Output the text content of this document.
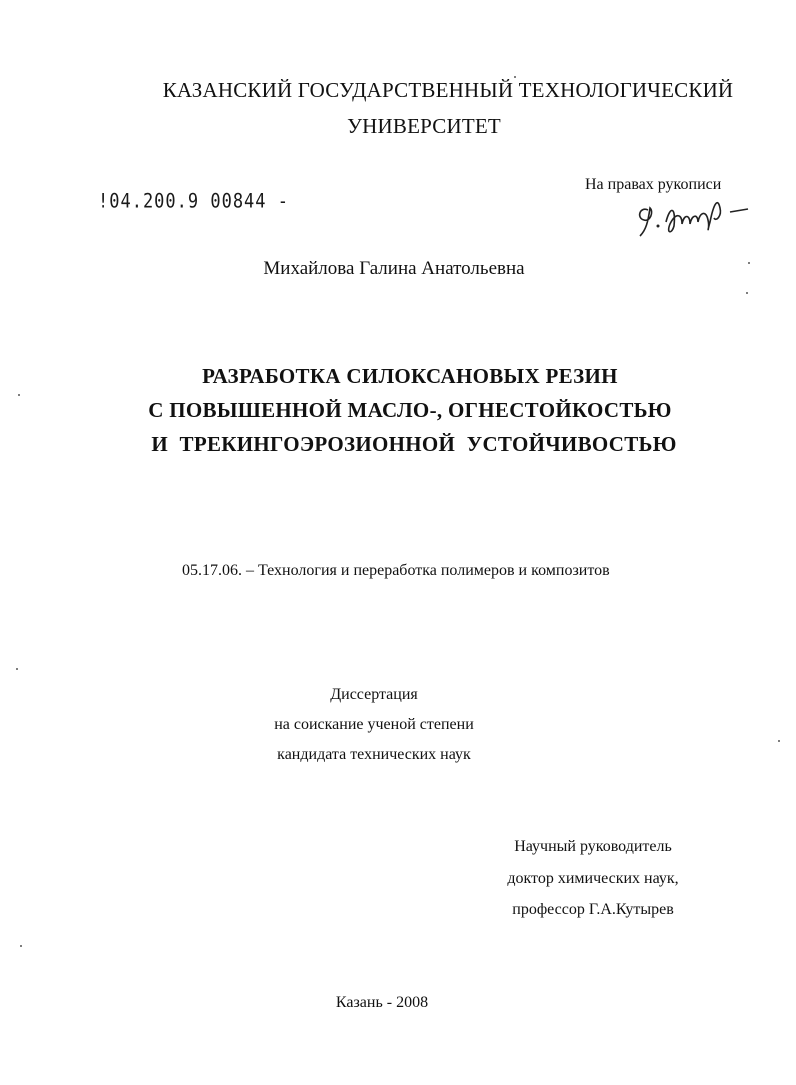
КАЗАНСКИЙ ГОСУДАРСТВЕННЫЙ ТЕХНОЛОГИЧЕСКИЙ
УНИВЕРСИТЕТ
На правах рукописи
!04.200.9 00844 -
Михайлова Галина Анатольевна
РАЗРАБОТКА СИЛОКСАНОВЫХ РЕЗИН
С ПОВЫШЕННОЙ МАСЛО-, ОГНЕСТОЙКОСТЬЮ
И ТРЕКИНГОЭРОЗИОННОЙ УСТОЙЧИВОСТЬЮ
05.17.06. – Технология и переработка полимеров и композитов
Диссертация
на соискание ученой степени
кандидата технических наук
Научный руководитель
доктор химических наук,
профессор Г.А.Кутырев
Казань - 2008
